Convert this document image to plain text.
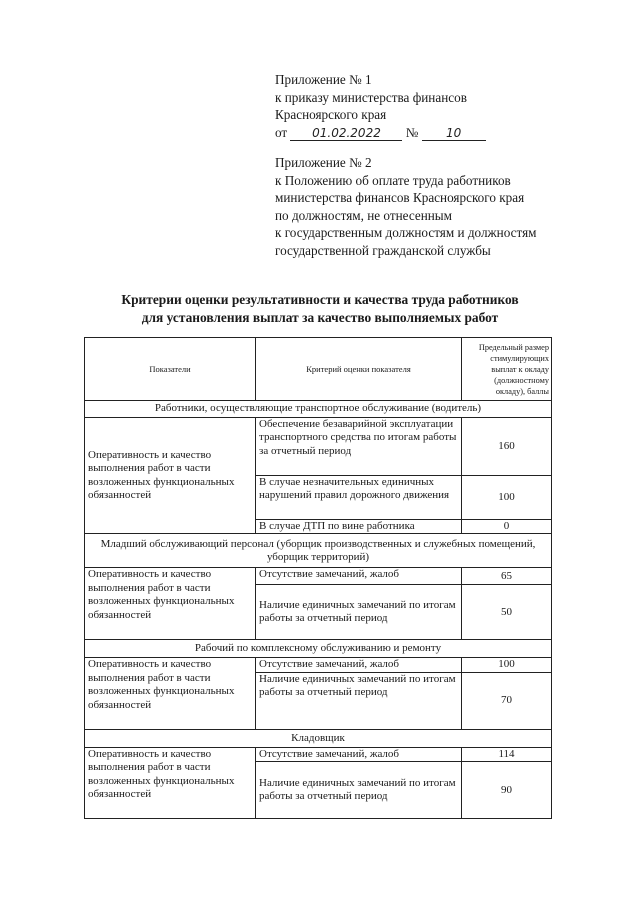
Приложение № 1
к приказу министерства финансов
Красноярского края
от 01.02.2022 № 10
Приложение № 2
к Положению об оплате труда работников
министерства финансов Красноярского края
по должностям, не отнесенным
к государственным должностям и должностям
государственной гражданской службы
Критерии оценки результативности и качества труда работников
для установления выплат за качество выполняемых работ
Показатели	Критерий оценки показателя	Предельный размер стимулирующих выплат к окладу (должностному окладу), баллы
Работники, осуществляющие транспортное обслуживание (водитель)		
Оперативность и качество выполнения работ в части возложенных функциональных обязанностей	Обеспечение безаварийной эксплуатации транспортного средства по итогам работы за отчетный период	160
	В случае незначительных единичных нарушений правил дорожного движения	100
	В случае ДТП по вине работника	0
Младший обслуживающий персонал (уборщик производственных и служебных помещений, уборщик территорий)		
Оперативность и качество выполнения работ в части возложенных функциональных обязанностей	Отсутствие замечаний, жалоб	65
	Наличие единичных замечаний по итогам работы за отчетный период	50
Рабочий по комплексному обслуживанию и ремонту		
Оперативность и качество выполнения работ в части возложенных функциональных обязанностей	Отсутствие замечаний, жалоб	100
	Наличие единичных замечаний по итогам работы за отчетный период	70
Кладовщик		
Оперативность и качество выполнения работ в части возложенных функциональных обязанностей	Отсутствие замечаний, жалоб	114
	Наличие единичных замечаний по итогам работы за отчетный период	90
